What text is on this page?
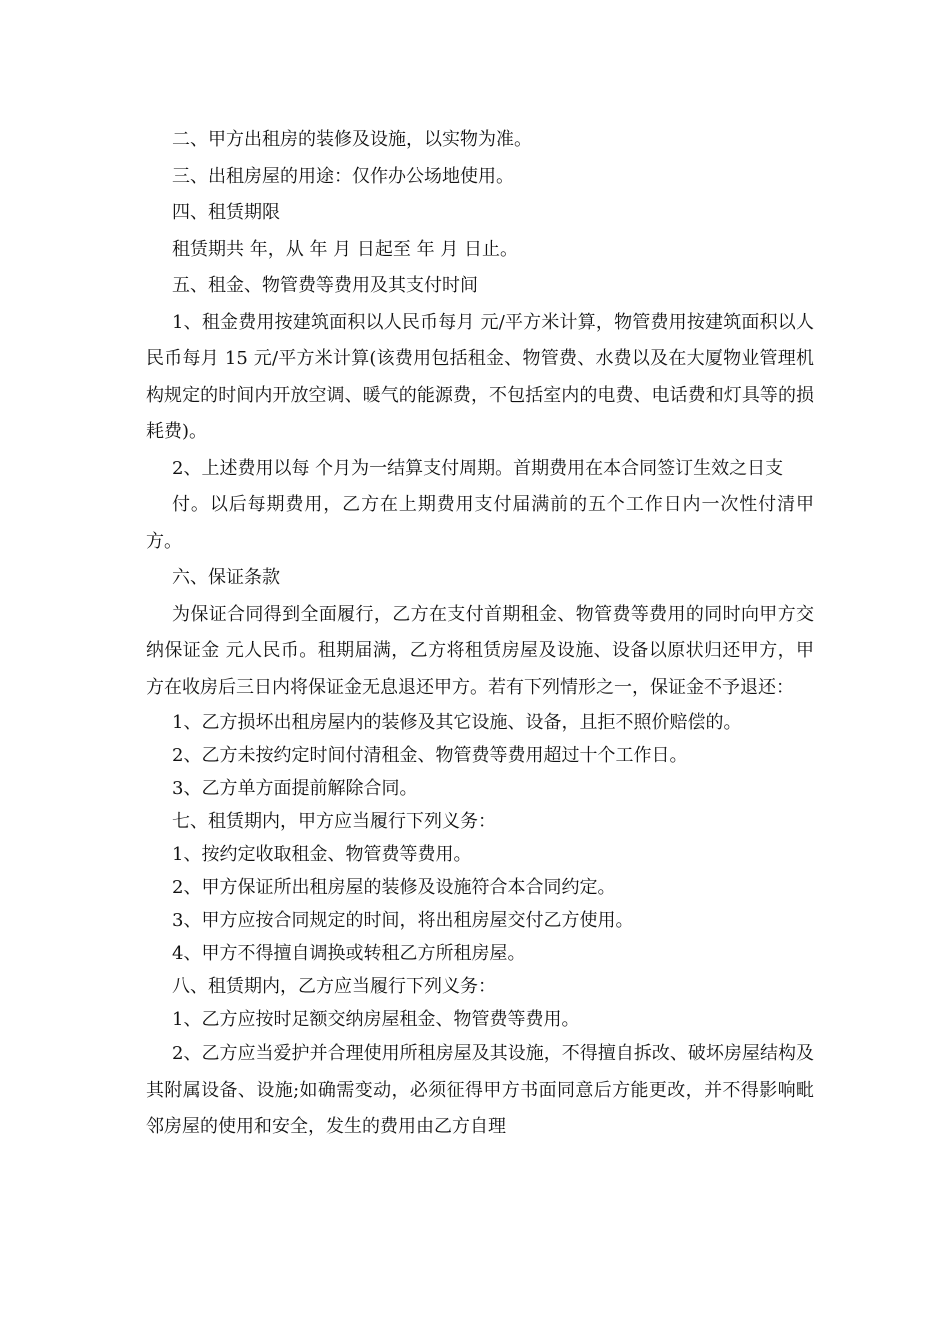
二、甲方出租房的装修及设施，以实物为准。

三、出租房屋的用途：仅作办公场地使用。

四、租赁期限

租赁期共 年，从 年 月 日起至 年 月 日止。

五、租金、物管费等费用及其支付时间

1、租金费用按建筑面积以人民币每月 元/平方米计算，物管费用按建筑面积以人民币每月 15 元/平方米计算(该费用包括租金、物管费、水费以及在大厦物业管理机构规定的时间内开放空调、暖气的能源费，不包括室内的电费、电话费和灯具等的损耗费)。

2、上述费用以每 个月为一结算支付周期。首期费用在本合同签订生效之日支

付。以后每期费用，乙方在上期费用支付届满前的五个工作日内一次性付清甲方。

六、保证条款

为保证合同得到全面履行，乙方在支付首期租金、物管费等费用的同时向甲方交纳保证金 元人民币。租期届满，乙方将租赁房屋及设施、设备以原状归还甲方，甲方在收房后三日内将保证金无息退还甲方。若有下列情形之一，保证金不予退还：

1、乙方损坏出租房屋内的装修及其它设施、设备，且拒不照价赔偿的。

2、乙方未按约定时间付清租金、物管费等费用超过十个工作日。

3、乙方单方面提前解除合同。

七、租赁期内，甲方应当履行下列义务：

1、按约定收取租金、物管费等费用。

2、甲方保证所出租房屋的装修及设施符合本合同约定。

3、甲方应按合同规定的时间，将出租房屋交付乙方使用。

4、甲方不得擅自调换或转租乙方所租房屋。

八、租赁期内，乙方应当履行下列义务：

1、乙方应按时足额交纳房屋租金、物管费等费用。

2、乙方应当爱护并合理使用所租房屋及其设施，不得擅自拆改、破坏房屋结构及其附属设备、设施;如确需变动，必须征得甲方书面同意后方能更改，并不得影响毗邻房屋的使用和安全，发生的费用由乙方自理
